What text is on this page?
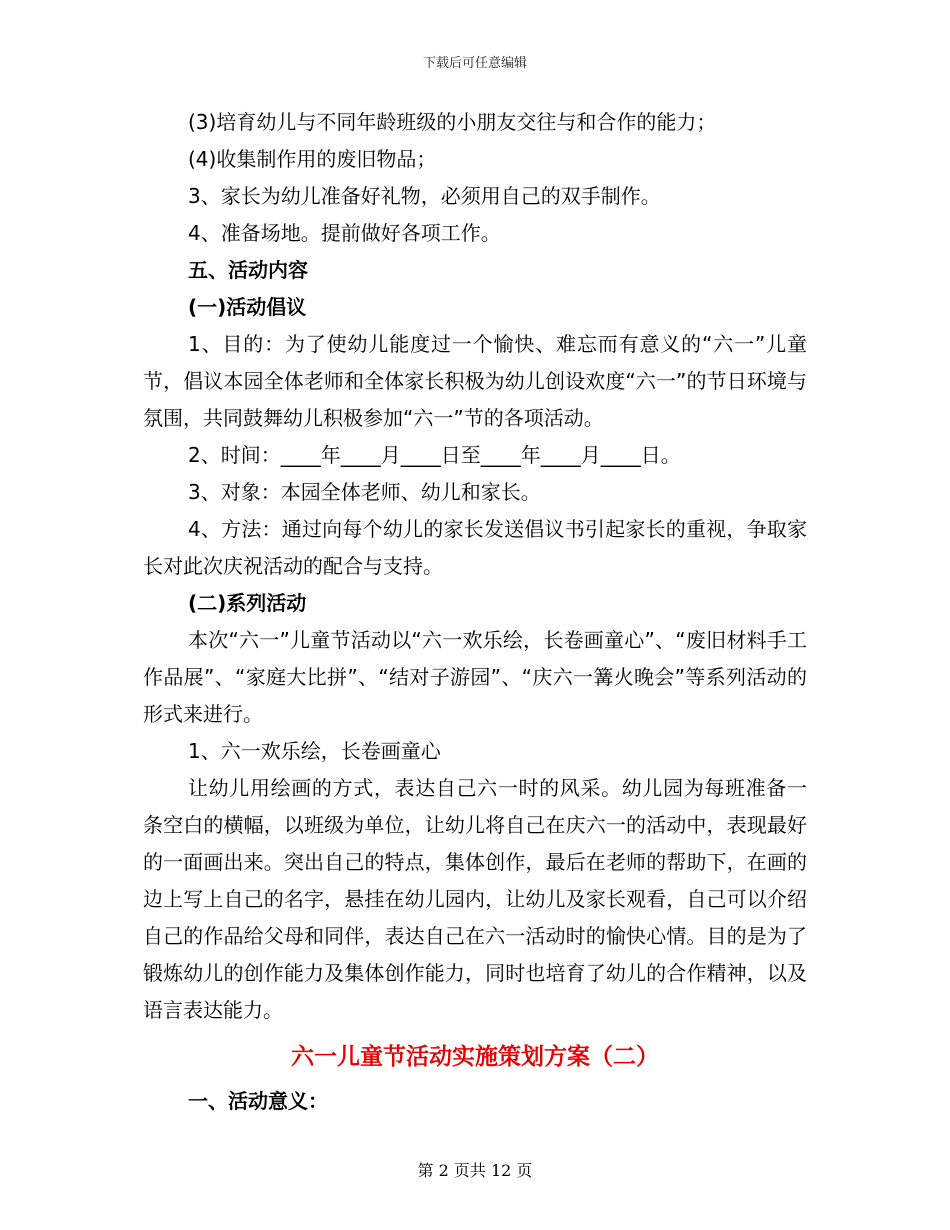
下载后可任意编辑

(3)培育幼儿与不同年龄班级的小朋友交往与和合作的能力；

(4)收集制作用的废旧物品；

3、家长为幼儿准备好礼物，必须用自己的双手制作。

4、准备场地。提前做好各项工作。

五、活动内容

(一)活动倡议

1、目的：为了使幼儿能度过一个愉快、难忘而有意义的“六一”儿童节，倡议本园全体老师和全体家长积极为幼儿创设欢度“六一”的节日环境与氛围，共同鼓舞幼儿积极参加“六一”节的各项活动。

2、时间：____年____月____日至____年____月____日。

3、对象：本园全体老师、幼儿和家长。

4、方法：通过向每个幼儿的家长发送倡议书引起家长的重视，争取家长对此次庆祝活动的配合与支持。

(二)系列活动

本次“六一”儿童节活动以“六一欢乐绘，长卷画童心”、“废旧材料手工作品展”、“家庭大比拼”、“结对子游园”、“庆六一篝火晚会”等系列活动的形式来进行。

1、六一欢乐绘，长卷画童心

让幼儿用绘画的方式，表达自己六一时的风采。幼儿园为每班准备一条空白的横幅，以班级为单位，让幼儿将自己在庆六一的活动中，表现最好的一面画出来。突出自己的特点，集体创作，最后在老师的帮助下，在画的边上写上自己的名字，悬挂在幼儿园内，让幼儿及家长观看，自己可以介绍自己的作品给父母和同伴，表达自己在六一活动时的愉快心情。目的是为了锻炼幼儿的创作能力及集体创作能力，同时也培育了幼儿的合作精神，以及语言表达能力。

六一儿童节活动实施策划方案（二）

一、活动意义：

第 2 页共 12 页
